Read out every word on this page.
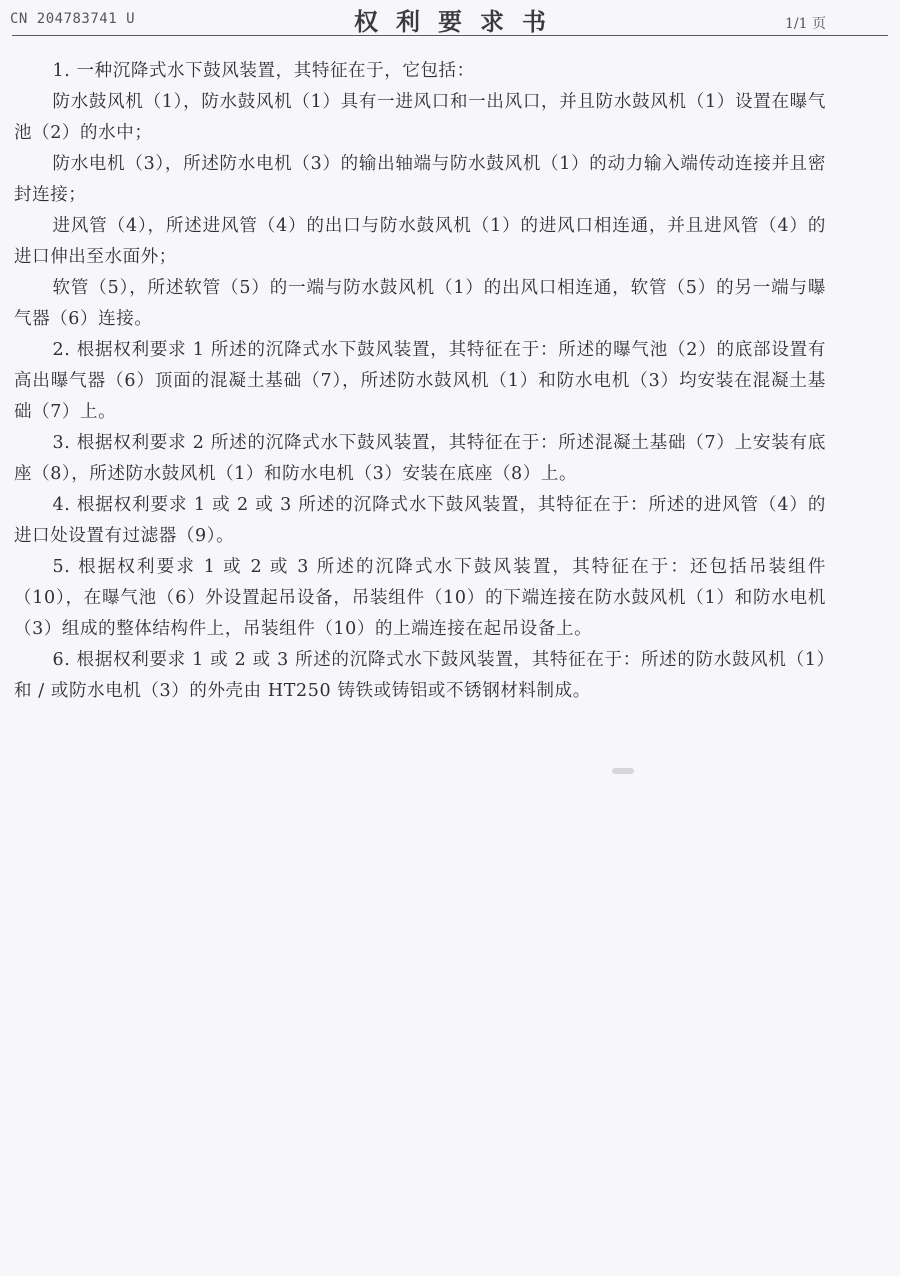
CN 204783741 U	权利要求书	1/1 页

1. 一种沉降式水下鼓风装置，其特征在于，它包括：

防水鼓风机（1），防水鼓风机（1）具有一进风口和一出风口，并且防水鼓风机（1）设置在曝气池（2）的水中；

防水电机（3），所述防水电机（3）的输出轴端与防水鼓风机（1）的动力输入端传动连接并且密封连接；

进风管（4），所述进风管（4）的出口与防水鼓风机（1）的进风口相连通，并且进风管（4）的进口伸出至水面外；

软管（5），所述软管（5）的一端与防水鼓风机（1）的出风口相连通，软管（5）的另一端与曝气器（6）连接。

2. 根据权利要求 1 所述的沉降式水下鼓风装置，其特征在于：所述的曝气池（2）的底部设置有高出曝气器（6）顶面的混凝土基础（7），所述防水鼓风机（1）和防水电机（3）均安装在混凝土基础（7）上。

3. 根据权利要求 2 所述的沉降式水下鼓风装置，其特征在于：所述混凝土基础（7）上安装有底座（8），所述防水鼓风机（1）和防水电机（3）安装在底座（8）上。

4. 根据权利要求 1 或 2 或 3 所述的沉降式水下鼓风装置，其特征在于：所述的进风管（4）的进口处设置有过滤器（9）。

5. 根据权利要求 1 或 2 或 3 所述的沉降式水下鼓风装置，其特征在于：还包括吊装组件（10），在曝气池（6）外设置起吊设备，吊装组件（10）的下端连接在防水鼓风机（1）和防水电机（3）组成的整体结构件上，吊装组件（10）的上端连接在起吊设备上。

6. 根据权利要求 1 或 2 或 3 所述的沉降式水下鼓风装置，其特征在于：所述的防水鼓风机（1）和 / 或防水电机（3）的外壳由 HT250 铸铁或铸铝或不锈钢材料制成。
